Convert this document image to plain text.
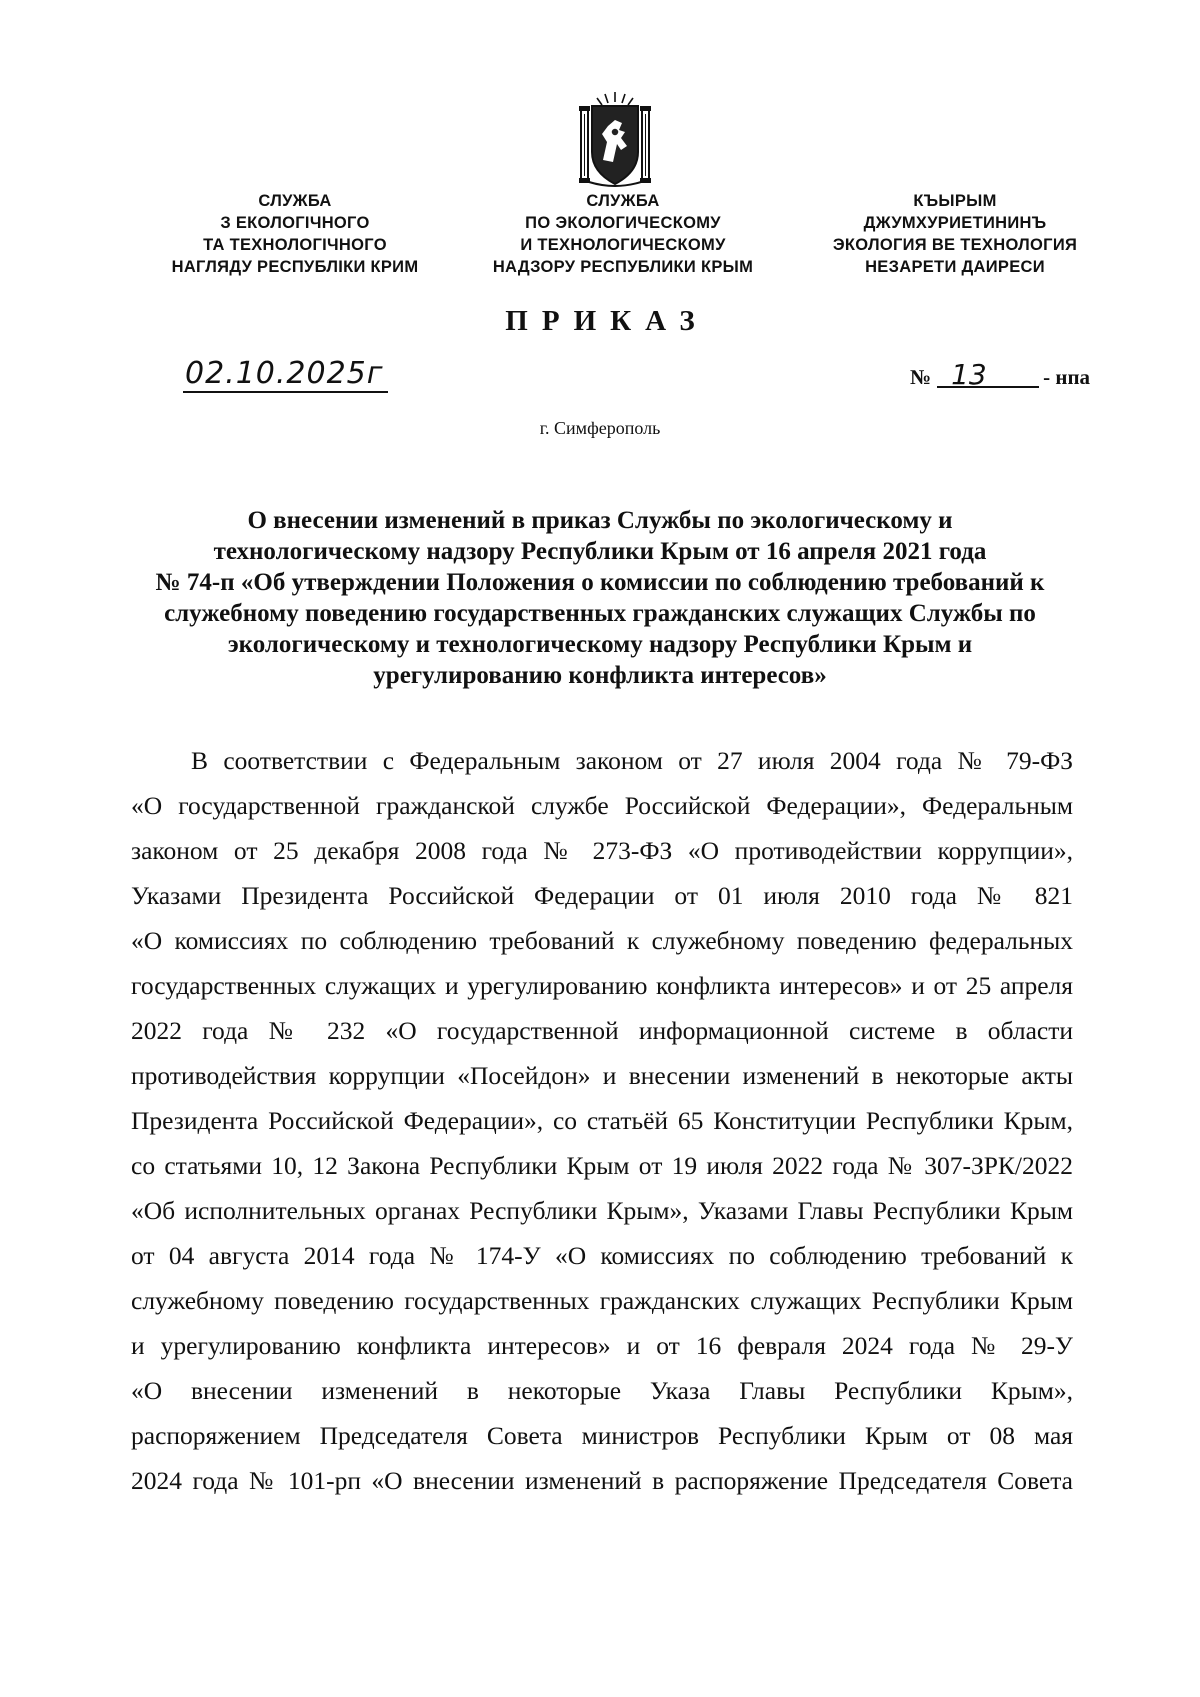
СЛУЖБА
З ЕКОЛОГІЧНОГО
ТА ТЕХНОЛОГІЧНОГО
НАГЛЯДУ РЕСПУБЛІКИ КРИМ
СЛУЖБА
ПО ЭКОЛОГИЧЕСКОМУ
И ТЕХНОЛОГИЧЕСКОМУ
НАДЗОРУ РЕСПУБЛИКИ КРЫМ
КЪЫРЫМ
ДЖУМХУРИЕТИНИНЪ
ЭКОЛОГИЯ ВЕ ТЕХНОЛОГИЯ
НЕЗАРЕТИ ДАИРЕСИ
ПРИКАЗ
02.10.2025г	№ 13	- нпа
г. Симферополь
О внесении изменений в приказ Службы по экологическому и
технологическому надзору Республики Крым от 16 апреля 2021 года
№ 74-п «Об утверждении Положения о комиссии по соблюдению требований к
служебному поведению государственных гражданских служащих Службы по
экологическому и технологическому надзору Республики Крым и
урегулированию конфликта интересов»
В соответствии с Федеральным законом от 27 июля 2004 года № 79-ФЗ
«О государственной гражданской службе Российской Федерации», Федеральным
законом от 25 декабря 2008 года № 273-ФЗ «О противодействии коррупции»,
Указами Президента Российской Федерации от 01 июля 2010 года № 821
«О комиссиях по соблюдению требований к служебному поведению федеральных
государственных служащих и урегулированию конфликта интересов» и от 25 апреля
2022 года № 232 «О государственной информационной системе в области
противодействия коррупции «Посейдон» и внесении изменений в некоторые акты
Президента Российской Федерации», со статьёй 65 Конституции Республики Крым,
со статьями 10, 12 Закона Республики Крым от 19 июля 2022 года № 307-ЗРК/2022
«Об исполнительных органах Республики Крым», Указами Главы Республики Крым
от 04 августа 2014 года № 174-У «О комиссиях по соблюдению требований к
служебному поведению государственных гражданских служащих Республики Крым
и урегулированию конфликта интересов» и от 16 февраля 2024 года № 29-У
«О внесении изменений в некоторые Указа Главы Республики Крым»,
распоряжением Председателя Совета министров Республики Крым от 08 мая
2024 года № 101-рп «О внесении изменений в распоряжение Председателя Совета
